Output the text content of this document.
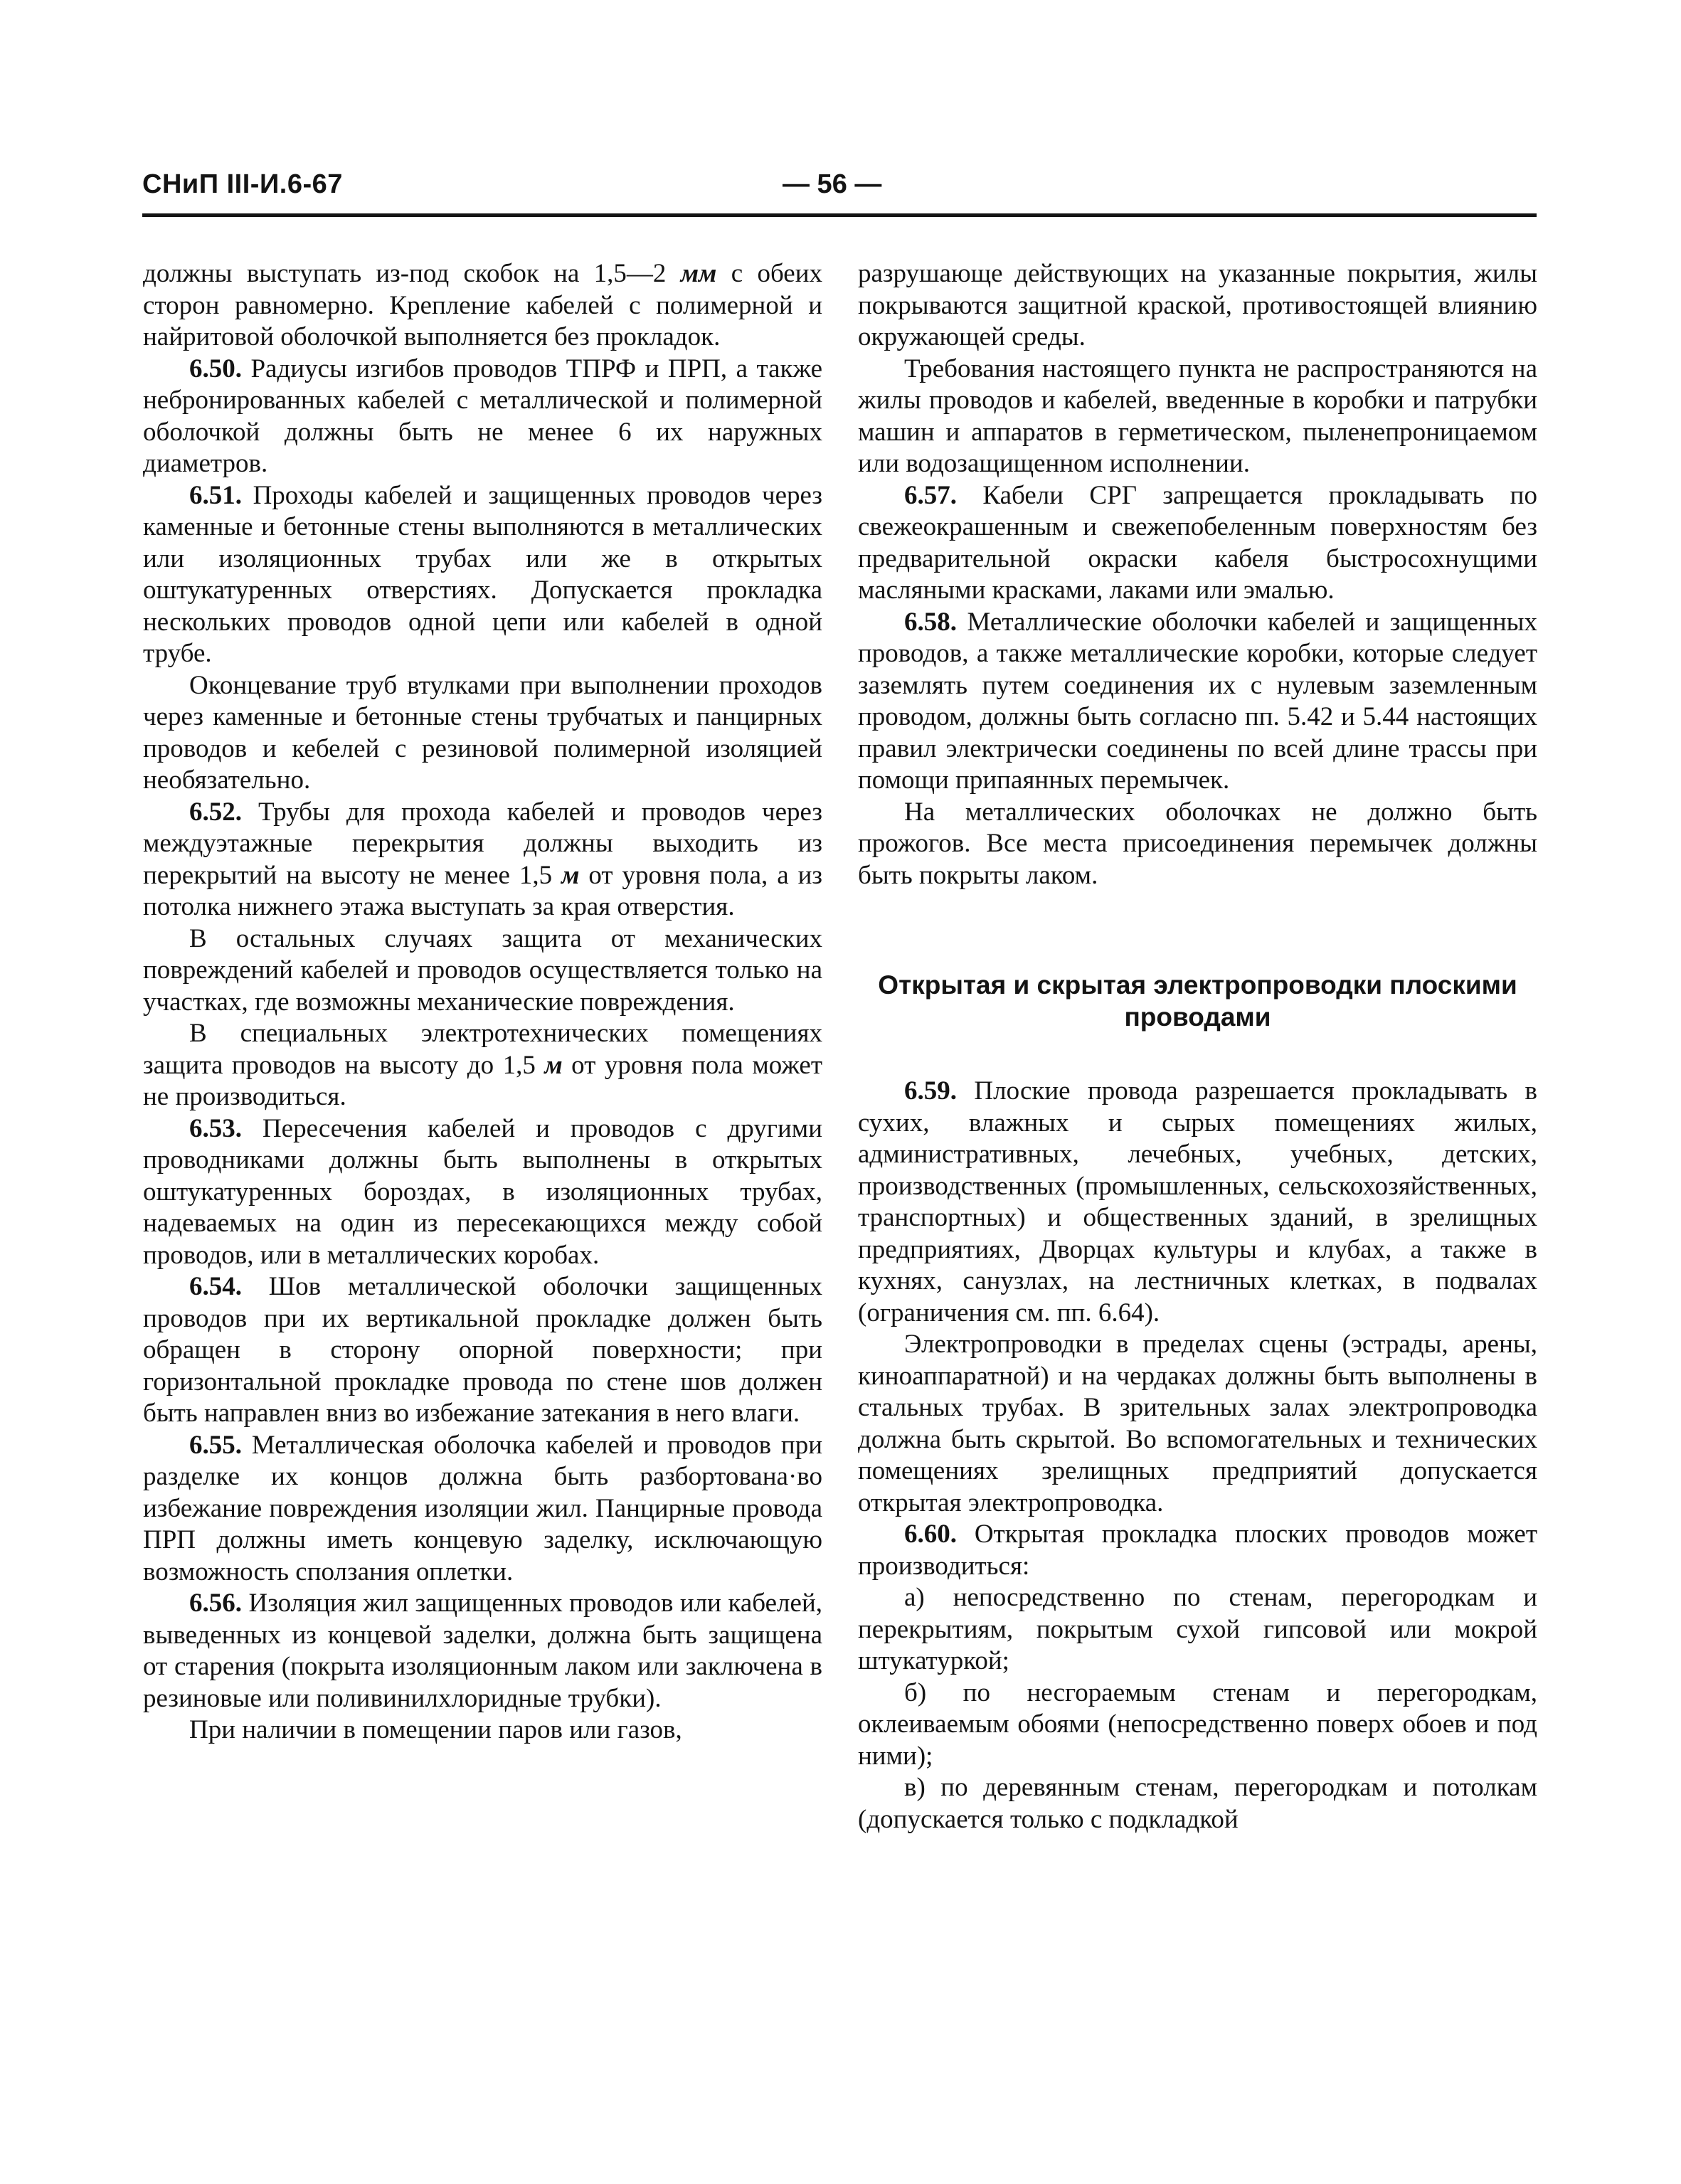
СНиП III-И.6-67	— 56 —

должны выступать из-под скобок на 1,5—2 мм с обеих сторон равномерно. Крепление кабелей с полимерной и найритовой оболочкой выполняется без прокладок.

6.50. Радиусы изгибов проводов ТПРФ и ПРП, а также небронированных кабелей с металлической и полимерной оболочкой должны быть не менее 6 их наружных диаметров.

6.51. Проходы кабелей и защищенных проводов через каменные и бетонные стены выполняются в металлических или изоляционных трубах или же в открытых оштукатуренных отверстиях. Допускается прокладка нескольких проводов одной цепи или кабелей в одной трубе.

Оконцевание труб втулками при выполнении проходов через каменные и бетонные стены трубчатых и панцирных проводов и кебелей с резиновой полимерной изоляцией необязательно.

6.52. Трубы для прохода кабелей и проводов через междуэтажные перекрытия должны выходить из перекрытий на высоту не менее 1,5 м от уровня пола, а из потолка нижнего этажа выступать за края отверстия.

В остальных случаях защита от механических повреждений кабелей и проводов осуществляется только на участках, где возможны механические повреждения.

В специальных электротехнических помещениях защита проводов на высоту до 1,5 м от уровня пола может не производиться.

6.53. Пересечения кабелей и проводов с другими проводниками должны быть выполнены в открытых оштукатуренных бороздах, в изоляционных трубах, надеваемых на один из пересекающихся между собой проводов, или в металлических коробах.

6.54. Шов металлической оболочки защищенных проводов при их вертикальной прокладке должен быть обращен в сторону опорной поверхности; при горизонтальной прокладке провода по стене шов должен быть направлен вниз во избежание затекания в него влаги.

6.55. Металлическая оболочка кабелей и проводов при разделке их концов должна быть разбортована·во избежание повреждения изоляции жил. Панцирные провода ПРП должны иметь концевую заделку, исключающую возможность сползания оплетки.

6.56. Изоляция жил защищенных проводов или кабелей, выведенных из концевой заделки, должна быть защищена от старения (покрыта изоляционным лаком или заключена в резиновые или поливинилхлоридные трубки).

При наличии в помещении паров или газов,

разрушающе действующих на указанные покрытия, жилы покрываются защитной краской, противостоящей влиянию окружающей среды.

Требования настоящего пункта не распространяются на жилы проводов и кабелей, введенные в коробки и патрубки машин и аппаратов в герметическом, пыленепроницаемом или водозащищенном исполнении.

6.57. Кабели СРГ запрещается прокладывать по свежеокрашенным и свежепобеленным поверхностям без предварительной окраски кабеля быстросохнущими масляными красками, лаками или эмалью.

6.58. Металлические оболочки кабелей и защищенных проводов, а также металлические коробки, которые следует заземлять путем соединения их с нулевым заземленным проводом, должны быть согласно пп. 5.42 и 5.44 настоящих правил электрически соединены по всей длине трассы при помощи припаянных перемычек.

На металлических оболочках не должно быть прожогов. Все места присоединения перемычек должны быть покрыты лаком.

Открытая и скрытая электропроводки плоскими проводами

6.59. Плоские провода разрешается прокладывать в сухих, влажных и сырых помещениях жилых, административных, лечебных, учебных, детских, производственных (промышленных, сельскохозяйственных, транспортных) и общественных зданий, в зрелищных предприятиях, Дворцах культуры и клубах, а также в кухнях, санузлах, на лестничных клетках, в подвалах (ограничения см. пп. 6.64).

Электропроводки в пределах сцены (эстрады, арены, киноаппаратной) и на чердаках должны быть выполнены в стальных трубах. В зрительных залах электропроводка должна быть скрытой. Во вспомогательных и технических помещениях зрелищных предприятий допускается открытая электропроводка.

6.60. Открытая прокладка плоских проводов может производиться:

а) непосредственно по стенам, перегородкам и перекрытиям, покрытым сухой гипсовой или мокрой штукатуркой;

б) по несгораемым стенам и перегородкам, оклеиваемым обоями (непосредственно поверх обоев и под ними);

в) по деревянным стенам, перегородкам и потолкам (допускается только с подкладкой
